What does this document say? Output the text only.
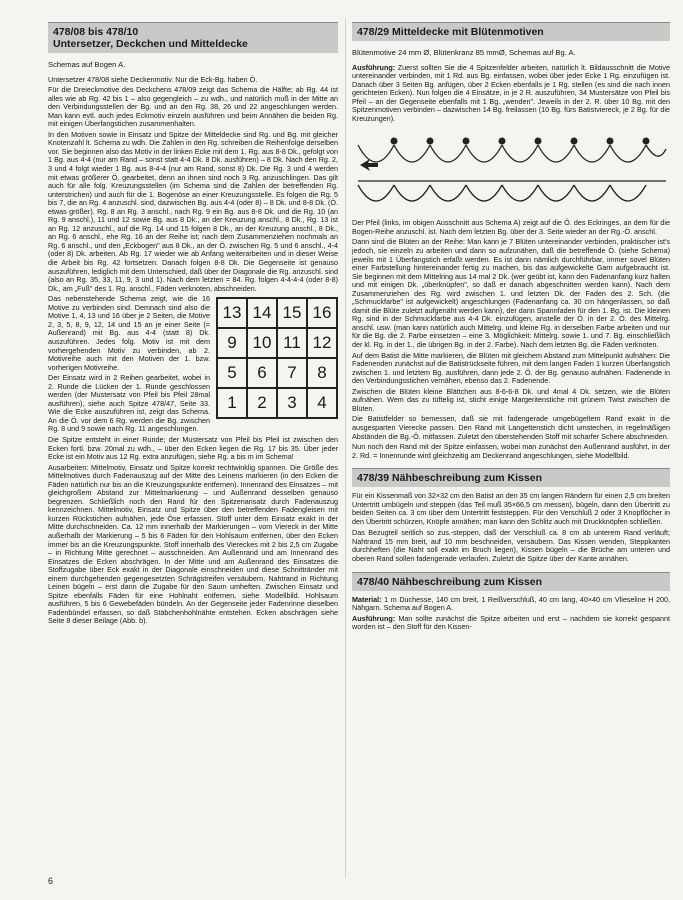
478/08 bis 478/10
Untersetzer, Deckchen und Mitteldecke

Schemas auf Bogen A.

Untersetzer 478/08 siehe Deckenmotiv. Nur die Eck-Bg. haben Ö.

Für die Dreieckmotive des Deckchens 478/09 zeigt das Schema die Hälfte; ab Rg. 44 ist alles wie ab Rg. 42 bis 1 – also gegengleich – zu wdh., und natürlich muß in der Mitte an den Verbindungsstellen der Bg. und an den Rg. 38, 26 und 22 angeschlungen werden. Man kann evtl. auch jedes Eckmotiv einzeln ausführen und beim Annähen die beiden Rg. mit einigen Überfangstichen zusammenhalten.

In den Motiven sowie in Einsatz und Spitze der Mitteldecke sind Rg. und Bg. mit gleicher Knotenzahl lt. Schema zu wdh. Die Zahlen in den Rg. schreiben die Reihenfolge derselben vor. Sie beginnen also das Motiv in der linken Ecke mit dem 1. Rg. aus 8-8 Dk., gefolgt von 1 Bg. aus 4-4 (nur am Rand – sonst statt 4-4 Dk. 8 Dk. ausführen) – 8 Dk. Nach den Rg. 2, 3 und 4 folgt wieder 1 Bg. aus 8-4-4 (nur am Rand, sonst 8) Dk. Die Rg. 3 und 4 werden mit etwas größerer Ö. gearbeitet, denn an ihnen sind noch 3 Rg. anzuschlingen. Das gilt auch für alle folg. Kreuzungsstellen (im Schema sind die Zahlen der betreffenden Rg. unterstrichen) und auch für die 1. Bogenöse an einer Kreuzungsstelle. Es folgen die Rg. 5 bis 7, die an Rg. 4 anzuschl. sind, dazwischen Bg. aus 4-4 (oder 8) – 8 Dk. und 8-8 Dk. (Ö. etwas größer). Rg. 8 an Rg. 3 anschl., nach Rg. 9 ein Bg. aus 8-8 Dk. und die Rg. 10 (an Rg. 9 anschl.), 11 und 12 sowie Bg. aus 8 Dk., an der Kreuzung anschl., 8 Dk., Rg. 13 ist an Rg. 12 anzuschl., auf die Rg. 14 und 15 folgen 8 Dk., an der Kreuzung anschl., 8 Dk., an Rg. 6 anschl., ehe Rg. 16 an der Reihe ist; nach dem Zusammenziehen nochmals an Rg. 6 anschl., und den „Eckbogen" aus 8 Dk., an der Ö. zwischen Rg. 5 und 6 anschl., 4-4 (oder 8) Dk. arbeiten. Ab Rg. 17 wieder wie ab Anfang weiterarbeiten und in dieser Weise die Arbeit bis Rg. 42 fortsetzen. Danach folgen 8-8 Dk. Die Gegenseite ist genauso auszuführen, lediglich mit dem Unterschied, daß über der Diagonale die Rg. anzuschl. sind (also an Rg. 35, 33, 11, 9, 3 und 1). Nach dem letzten = 84. Rg. folgen 4-4-4-4 (oder 8-8) Dk., am „Fuß" des 1. Rg. anschl., Fäden verknoten, abschneiden.

13	14	15	16
9	10	11	12
5	6	7	8
1	2	3	4

Das nebenstehende Schema zeigt, wie die 16 Motive zu verbinden sind. Demnach sind also die Motive 1, 4, 13 und 16 über je 2 Seiten, die Motive 2, 3, 5, 8, 9, 12, 14 und 15 an je einer Seite (= Außenrand) mit Bg. aus 4-4 (statt 8) Dk. auszuführen. Jedes folg. Motiv ist mit dem vorhergehenden Motiv zu verbinden, ab 2. Motivreihe auch mit den Motiven der 1. bzw. vorherigen Motivreihe.

Der Einsatz wird in 2 Reihen gearbeitet, wobei in 2. Runde die Lücken der 1. Runde geschlossen werden (der Mustersatz von Pfeil bis Pfeil 28mal ausführen), siehe auch Spitze 478/47, Seite 33. Wie die Ecke auszuführen ist, zeigt das Schema. An die Ö. vor dem 6 Rg. werden die Bg. zwischen Rg. 8 und 9 sowie nach Rg. 11 angeschlungen.

Die Spitze entsteht in einer Runde; der Mustersatz von Pfeil bis Pfeil ist zwischen den Ecken fortl. bzw. 20mal zu wdh., – über den Ecken liegen die Rg. 17 bis 35. Über jeder Ecke ist ein Motiv aus 12 Rg. extra anzufügen, siehe Rg. a bis m im Schema!

Ausarbeiten: Mittelmotiv, Einsatz und Spitze korrekt rechtwinklig spannen. Die Größe des Mittelmotives durch Fadenauszug auf der Mitte des Leinens markieren (in den Ecken die Fäden natürlich nur bis an die Kreuzungspunkte entfernen). Innenrand des Einsatzes – mit gleichgroßem Abstand zur Mittelmarkierung – und Außenrand desselben genauso begrenzen. Schließlich noch den Rand für den Spitzenansatz durch Fadenauszug kennzeichnen. Mittelmotiv, Einsatz und Spitze über den betreffenden Fadengleisen mit kurzen Rückstichen aufnähen, jede Öse erfassen. Stoff unter dem Einsatz exakt in der Mitte durchschneiden. Ca. 12 mm innerhalb der Markierungen – vom Viereck in der Mitte außerhalb der Markierung – 5 bis 6 Fäden für den Hohlsaum entfernen, über den Ecken immer bis an die Kreuzungspunkte. Stoff innerhalb des Viereckes mit 2 bis 2,5 cm Zugabe – in Richtung Mitte gerechnet – ausschneiden. Am Außenrand und am Innenrand des Einsatzes die Ecken abschrägen. In der Mitte und am Außenrand des Einsatzes die Stoffzugabe über Eck exakt in der Diagonale einschneiden und diese Schnittränder mit einem durchgehenden gegengesetzten Schrägstreifen versäubern. Nahtrand in Richtung Leinen bügeln – erst dann die Zugabe für den Saum umheften. Zwischen Einsatz und Spitze ebenfalls Fäden für eine Hohlnaht entfernen, siehe Modellbild. Hohlsaum ausführen, 5 bis 6 Gewebefäden bündeln. An der Gegenseite jeder Fadenrinne dieselben Fadenbündel erfassen, so daß Stäbchenhohlnähte entstehen. Ecken abschrägen siehe Seite 8 dieser Beilage (Abb. b).

478/29 Mitteldecke mit Blütenmotiven

Blütenmotive 24 mm Ø, Blütenkranz 85 mmØ, Schemas auf Bg. A.

Ausführung: Zuerst sollten Sie die 4 Spitzenfelder arbeiten, natürlich lt. Bildausschnitt die Motive untereinander verbinden, mit 1 Rd. aus Bg. einfassen, wobei über jeder Ecke 1 Rg. einzufügen ist. Danach über 3 Seiten Bg. anfügen, über 2 Ecken ebenfalls je 1 Rg. stellen (es sind die nach innen gerichteten Ecken). Nun folgen die 4 Einsätze, in je 2 R. auszuführen, 34 Mustersätze von Pfeil bis Pfeil – an der Gegenseite ebenfalls mit 1 Bg. „wenden". Jeweils in der 2. R. über 10 Bg. mit den Spitzenmotiven verbinden – dazwischen 14 Bg. freilassen (10 Bg. fürs Batistviereck, je 2 Bg. für die Kreuzungen).

Der Pfeil (links, im obigen Ausschnitt aus Schema A) zeigt auf die Ö. des Eckringes, an dem für die Bogen-Reihe anzuschl. ist. Nach dem letzten Bg. über der 3. Seite wieder an der Rg.-Ö. anschl.

Dann sind die Blüten an der Reihe: Man kann je 7 Blüten untereinander verbinden, praktischer ist's jedoch, sie einzeln zu arbeiten und dann so aufzunähen, daß die betreffende Ö. (siehe Schema) jeweils mit 1 Überfangstich erfaßt werden. Es ist dann nämlich durchführbar, immer sovel Blüten einer Farbstellung hintereinander fertig zu machen, bis das aufgewickelte Garn aufgebraucht ist. Sie beginnen mit dem Mittelring aus 14 mal 2 Dk. (wer geübt ist, kann den Fadenanfang kurz halten und mit einigen Dk. „überknüpfen", so daß er danach abgeschnitten werden kann). Nach dem Zusammenziehen des Rg. wird zwischen 1. und letzten Dk. der Faden des 2. Sch. (die „Schmuckfarbe" ist aufgewickelt) angeschlungen (Fadenanfang ca. 30 cm hängenlassen, so daß damit die Blüte zuletzt aufgenäht werden kann), der dann Spannfaden für den 1. Bg. ist. Die kleinen Rg. sind in der Schmuckfarbe aus 4-4 Dk. einzufügen, anstelle der Ö. in der 2. Ö. des Mittelrg. anschl. usw. (man kann natürlich auch Mittelrg. und kleine Rg. in derselben Farbe arbeiten und nur für die Bg. die 2. Farbe einsetzen – eine 3. Möglichkeit: Mittelrg. sowie 1. und 7. Bg. einschließlich der kl. Rg. in der 1., die übrigen Bg. in der 2. Farbe). Nach dem letzten Bg. die Fäden verknoten.

Auf dem Batist die Mitte markieren, die Blüten mit gleichem Abstand zum Mittelpunkt aufnähen: Die Fadenenden zunächst auf die Batistrückseite führen, mit dem langen Faden 1 kurzen Überfangstich zwischen 1. und letztem Bg. ausführen, dann jede 2. Ö. der Bg. genauso aufnähen. Fadenende in den Verbindungsstichen vernähen, ebenso das 2. Fadenende.

Zwischen die Blüten kleine Blättchen aus 8-6-6-8 Dk. und 4mal 4 Dk. setzen, wie die Blüten aufnähen. Wem das zu tüftelig ist, sticht einige Margeritenstiche mit grünem Twist zwischen die Blüten.

Die Batistfelder so bemessen, daß sie mit fadengerade umgebügeltem Rand exakt in die ausgesparten Vierecke passen. Den Rand mit Langettenstich dicht umstechen, in regelmäßigen Abständen die Bg.-Ö. mitfassen. Zuletzt den überstehenden Stoff mit scharfer Schere abschneiden.

Nun noch den Rand mit der Spitze einfassen, wobei man zunächst den Außenrand ausführt, in der 2. Rd. = Innenrunde wird gleichzeitig am Deckenrand angeschlungen, siehe Modellbild.

478/39 Nähbeschreibung zum Kissen

Für ein Kissenmaß von 32×32 cm den Batist an den 35 cm langen Rändern für einen 2,5 cm breiten Untertritt umbügeln und steppen (das Teil muß 35×66,5 cm messen), bügeln, dann den Übertritt zu beiden Seiten ca. 3 cm über dem Untertritt feststeppen. Für den Verschluß 2 oder 3 Knopflöcher in den Übertritt schürzen, Knöpfe annähen; man kann den Schlitz auch mit Druckknöpfen schließen.

Das Bezugteil seitlich so zus.-steppen, daß der Verschluß ca. 8 cm ab unterem Rand verläuft; Nahtrand 15 mm breit, auf 10 mm beschneiden, versäubern. Das Kissen wenden, Steppkanten durchheften (die Naht soll exakt im Bruch liegen), Kissen bügeln – die Brüche am unteren und oberen Rand sollen fadengerade verlaufen. Zuletzt die Spitze über der Kante annähen.

478/40 Nähbeschreibung zum Kissen

Material: 1 m Duchesse, 140 cm breit, 1 Reißverschluß, 40 cm lang, 40×40 cm Vlieseline H 200, Nähgarn. Schema auf Bogen A.

Ausführung: Man sollte zunächst die Spitze arbeiten und erst – nachdem sie korrekt gespannt worden ist – den Stoff für den Kissen-

6
